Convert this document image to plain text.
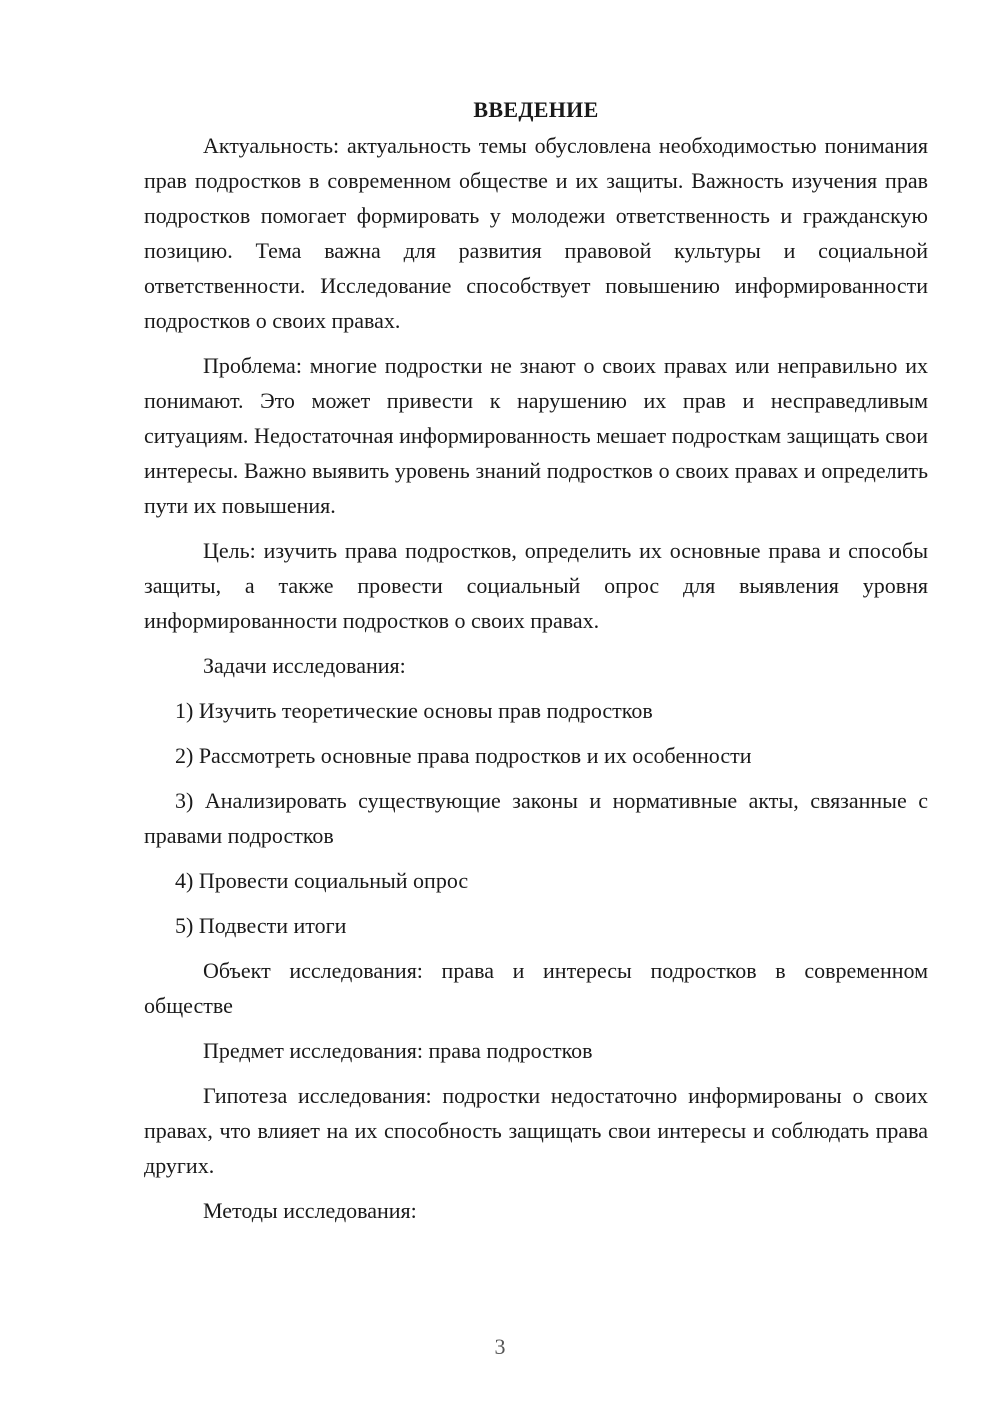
ВВЕДЕНИЕ

Актуальность: актуальность темы обусловлена необходимостью понимания прав подростков в современном обществе и их защиты. Важность изучения прав подростков помогает формировать у молодежи ответственность и гражданскую позицию. Тема важна для развития правовой культуры и социальной ответственности. Исследование способствует повышению информированности подростков о своих правах.

Проблема: многие подростки не знают о своих правах или неправильно их понимают. Это может привести к нарушению их прав и несправедливым ситуациям. Недостаточная информированность мешает подросткам защищать свои интересы. Важно выявить уровень знаний подростков о своих правах и определить пути их повышения.

Цель: изучить права подростков, определить их основные права и способы защиты, а также провести социальный опрос для выявления уровня информированности подростков о своих правах.

Задачи исследования:

1) Изучить теоретические основы прав подростков

2) Рассмотреть основные права подростков и их особенности

3) Анализировать существующие законы и нормативные акты, связанные с правами подростков

4) Провести социальный опрос

5) Подвести итоги

Объект исследования: права и интересы подростков в современном обществе

Предмет исследования: права подростков

Гипотеза исследования: подростки недостаточно информированы о своих правах, что влияет на их способность защищать свои интересы и соблюдать права других.

Методы исследования:

3
